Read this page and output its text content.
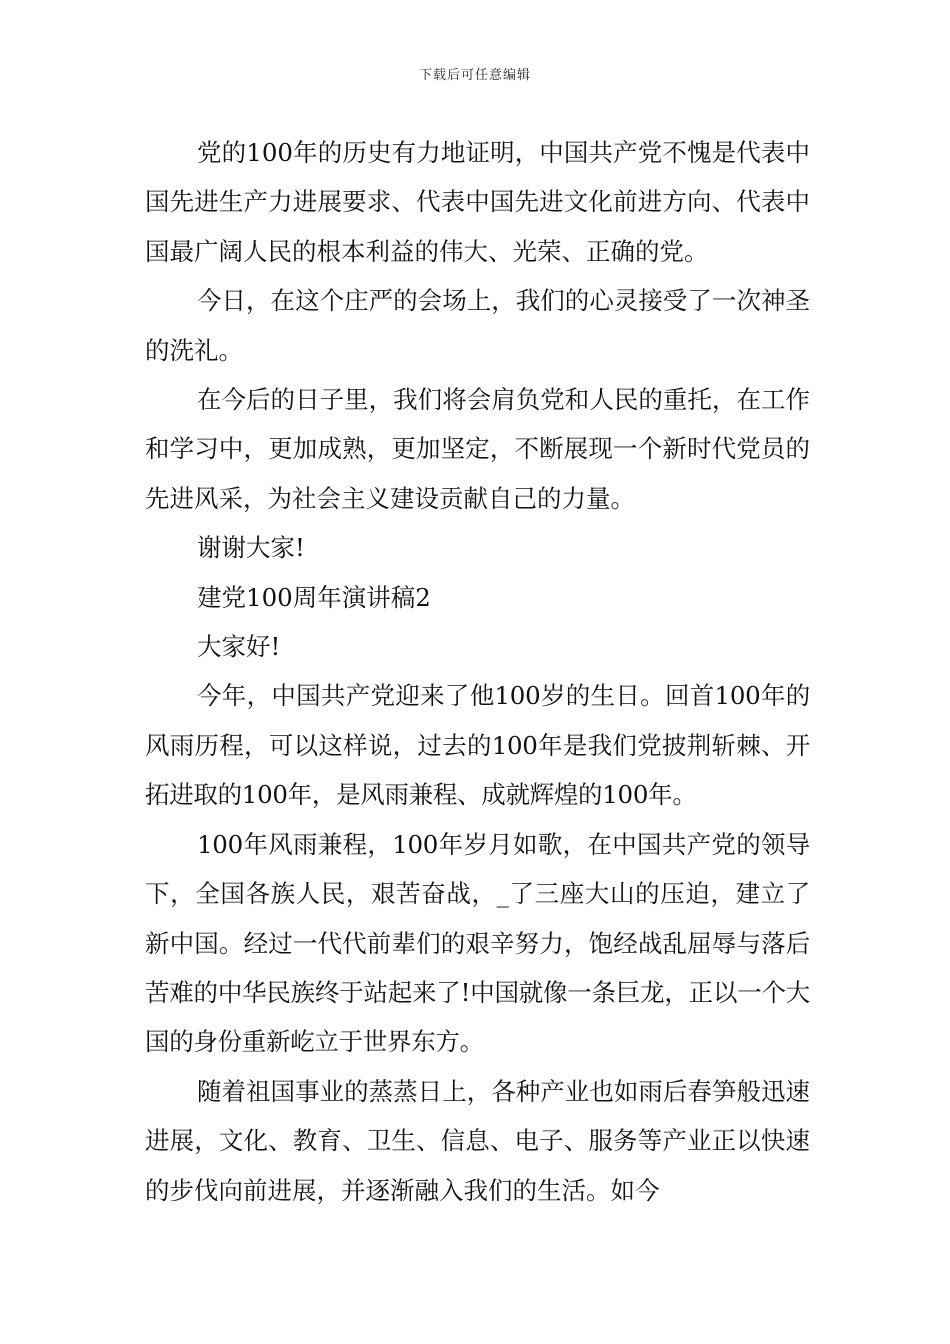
下载后可任意编辑

党的100年的历史有力地证明，中国共产党不愧是代表中国先进生产力进展要求、代表中国先进文化前进方向、代表中国最广阔人民的根本利益的伟大、光荣、正确的党。

今日，在这个庄严的会场上，我们的心灵接受了一次神圣的洗礼。

在今后的日子里，我们将会肩负党和人民的重托，在工作和学习中，更加成熟，更加坚定，不断展现一个新时代党员的先进风采，为社会主义建设贡献自己的力量。

谢谢大家!

建党100周年演讲稿2

大家好!

今年，中国共产党迎来了他100岁的生日。回首100年的风雨历程，可以这样说，过去的100年是我们党披荆斩棘、开拓进取的100年，是风雨兼程、成就辉煌的100年。

100年风雨兼程，100年岁月如歌，在中国共产党的领导下，全国各族人民，艰苦奋战，_了三座大山的压迫，建立了新中国。经过一代代前辈们的艰辛努力，饱经战乱屈辱与落后苦难的中华民族终于站起来了!中国就像一条巨龙，正以一个大国的身份重新屹立于世界东方。

随着祖国事业的蒸蒸日上，各种产业也如雨后春笋般迅速进展，文化、教育、卫生、信息、电子、服务等产业正以快速的步伐向前进展，并逐渐融入我们的生活。如今
